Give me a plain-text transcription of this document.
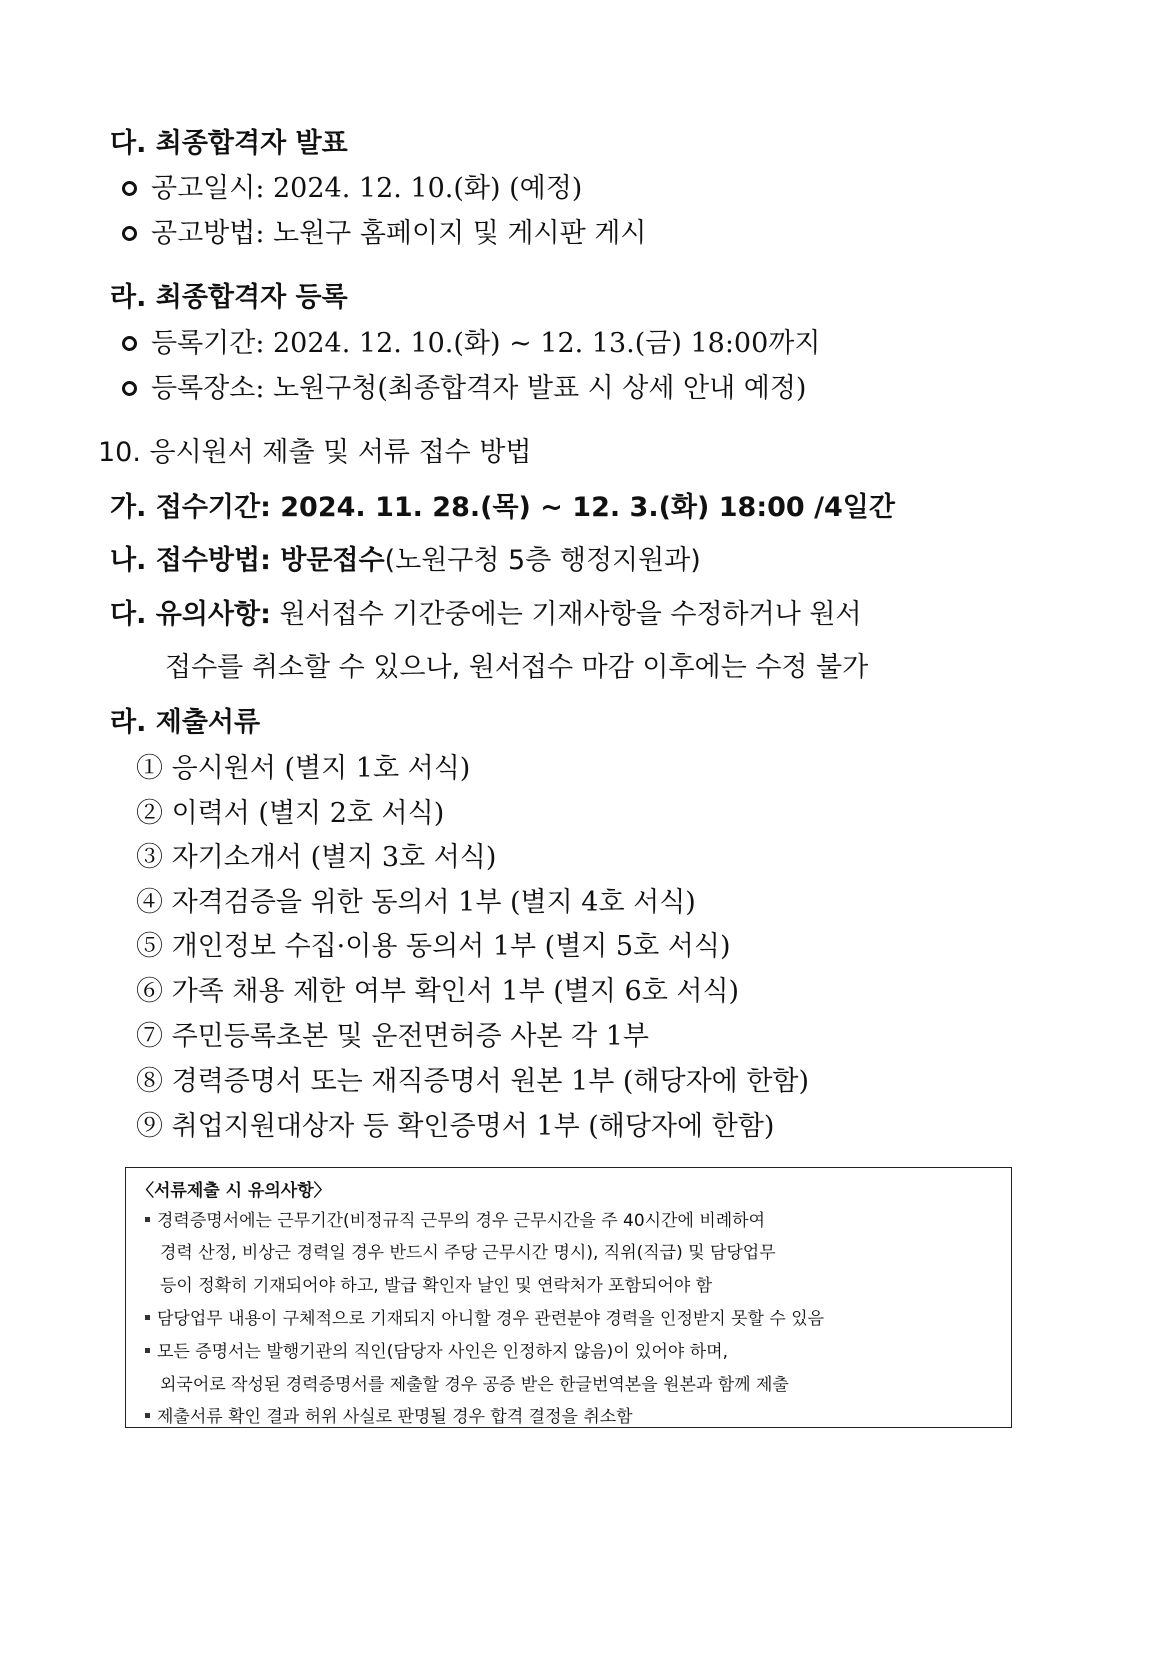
다. 최종합격자 발표
공고일시: 2024. 12. 10.(화) (예정)
공고방법: 노원구 홈페이지 및 게시판 게시
라. 최종합격자 등록
등록기간: 2024. 12. 10.(화) ~ 12. 13.(금) 18:00까지
등록장소: 노원구청(최종합격자 발표 시 상세 안내 예정)
10. 응시원서 제출 및 서류 접수 방법
가. 접수기간: 2024. 11. 28.(목) ~ 12. 3.(화) 18:00 /4일간
나. 접수방법: 방문접수(노원구청 5층 행정지원과)
다. 유의사항: 원서접수 기간중에는 기재사항을 수정하거나 원서
접수를 취소할 수 있으나, 원서접수 마감 이후에는 수정 불가
라. 제출서류
① 응시원서 (별지 1호 서식)
② 이력서 (별지 2호 서식)
③ 자기소개서 (별지 3호 서식)
④ 자격검증을 위한 동의서 1부 (별지 4호 서식)
⑤ 개인정보 수집·이용 동의서 1부 (별지 5호 서식)
⑥ 가족 채용 제한 여부 확인서 1부 (별지 6호 서식)
⑦ 주민등록초본 및 운전면허증 사본 각 1부
⑧ 경력증명서 또는 재직증명서 원본 1부 (해당자에 한함)
⑨ 취업지원대상자 등 확인증명서 1부 (해당자에 한함)
〈서류제출 시 유의사항〉
경력증명서에는 근무기간(비정규직 근무의 경우 근무시간을 주 40시간에 비례하여
경력 산정, 비상근 경력일 경우 반드시 주당 근무시간 명시), 직위(직급) 및 담당업무
등이 정확히 기재되어야 하고, 발급 확인자 날인 및 연락처가 포함되어야 함
담당업무 내용이 구체적으로 기재되지 아니할 경우 관련분야 경력을 인정받지 못할 수 있음
모든 증명서는 발행기관의 직인(담당자 사인은 인정하지 않음)이 있어야 하며,
외국어로 작성된 경력증명서를 제출할 경우 공증 받은 한글번역본을 원본과 함께 제출
제출서류 확인 결과 허위 사실로 판명될 경우 합격 결정을 취소함
